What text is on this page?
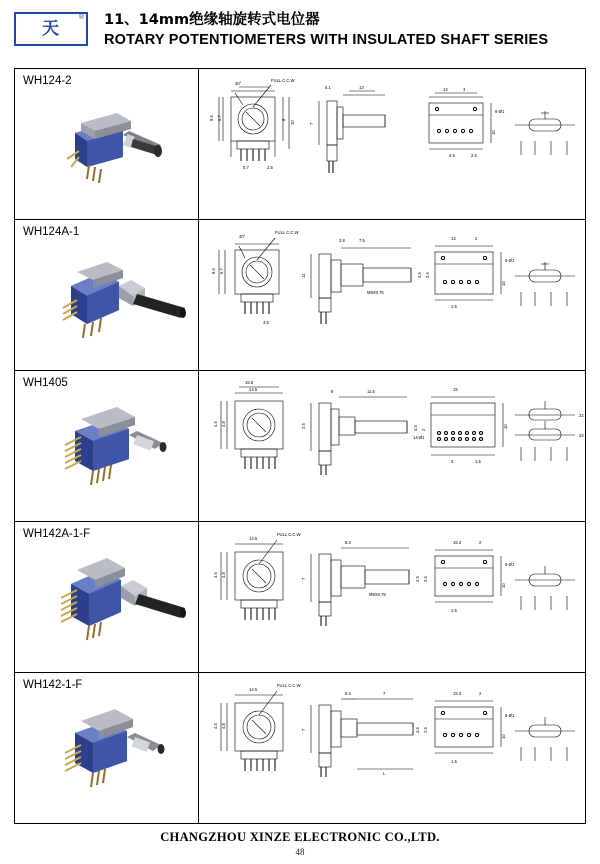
天
® 11、14mm绝缘轴旋转式电位器
ROTARY POTENTIOMETERS WITH INSULATED SHAFT SERIES
WH124-2	30°
FULL C.C.W
6.1	13
9.5 6.7	8
10
0.7	2.5
7
13	3
6-Ø1
10
4.5	2.5
WH124A-1	30°
FULL C.C.W
3.8	7.5
9.5 6.7
11
M9X0.75
4.5 2.5
13	2
6-Ø1
10
1.5
3.5
WH1405	15.8
14.5
4.5 4.8
8	11.5
2.5	4.5 2
15
14-Ø1
10
3	1.5
22
22
WH142A-1-F	14.5
FULL C.C.W
4.5 4.8
8.2
7
M9X0.75
4.5 2.5
15.3	2
6-Ø1
10
1.5
WH142-1-F	14.5
FULL C.C.W
4.5 4.8
8.2	7
7
L
4.5 2.5
15.3	2
6-Ø1
10
1.5
CHANGZHOU XINZE ELECTRONIC CO.,LTD.
48
